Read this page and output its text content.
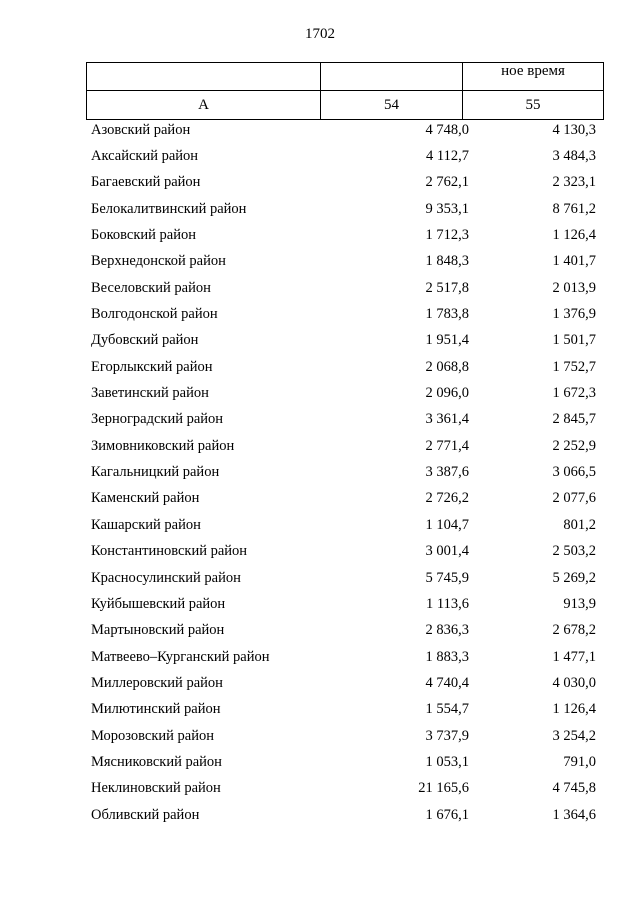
1702

		ное время

А	54	55
Азовский район	4 748,0	4 130,3
Аксайский район	4 112,7	3 484,3
Багаевский район	2 762,1	2 323,1
Белокалитвинский район	9 353,1	8 761,2
Боковский район	1 712,3	1 126,4
Верхнедонской район	1 848,3	1 401,7
Веселовский район	2 517,8	2 013,9
Волгодонской район	1 783,8	1 376,9
Дубовский район	1 951,4	1 501,7
Егорлыкский район	2 068,8	1 752,7
Заветинский район	2 096,0	1 672,3
Зерноградский район	3 361,4	2 845,7
Зимовниковский район	2 771,4	2 252,9
Кагальницкий район	3 387,6	3 066,5
Каменский район	2 726,2	2 077,6
Кашарский район	1 104,7	801,2
Константиновский район	3 001,4	2 503,2
Красносулинский район	5 745,9	5 269,2
Куйбышевский район	1 113,6	913,9
Мартыновский район	2 836,3	2 678,2
Матвеево–Курганский район	1 883,3	1 477,1
Миллеровский район	4 740,4	4 030,0
Милютинский район	1 554,7	1 126,4
Морозовский район	3 737,9	3 254,2
Мясниковский район	1 053,1	791,0
Неклиновский район	21 165,6	4 745,8
Обливский район	1 676,1	1 364,6
